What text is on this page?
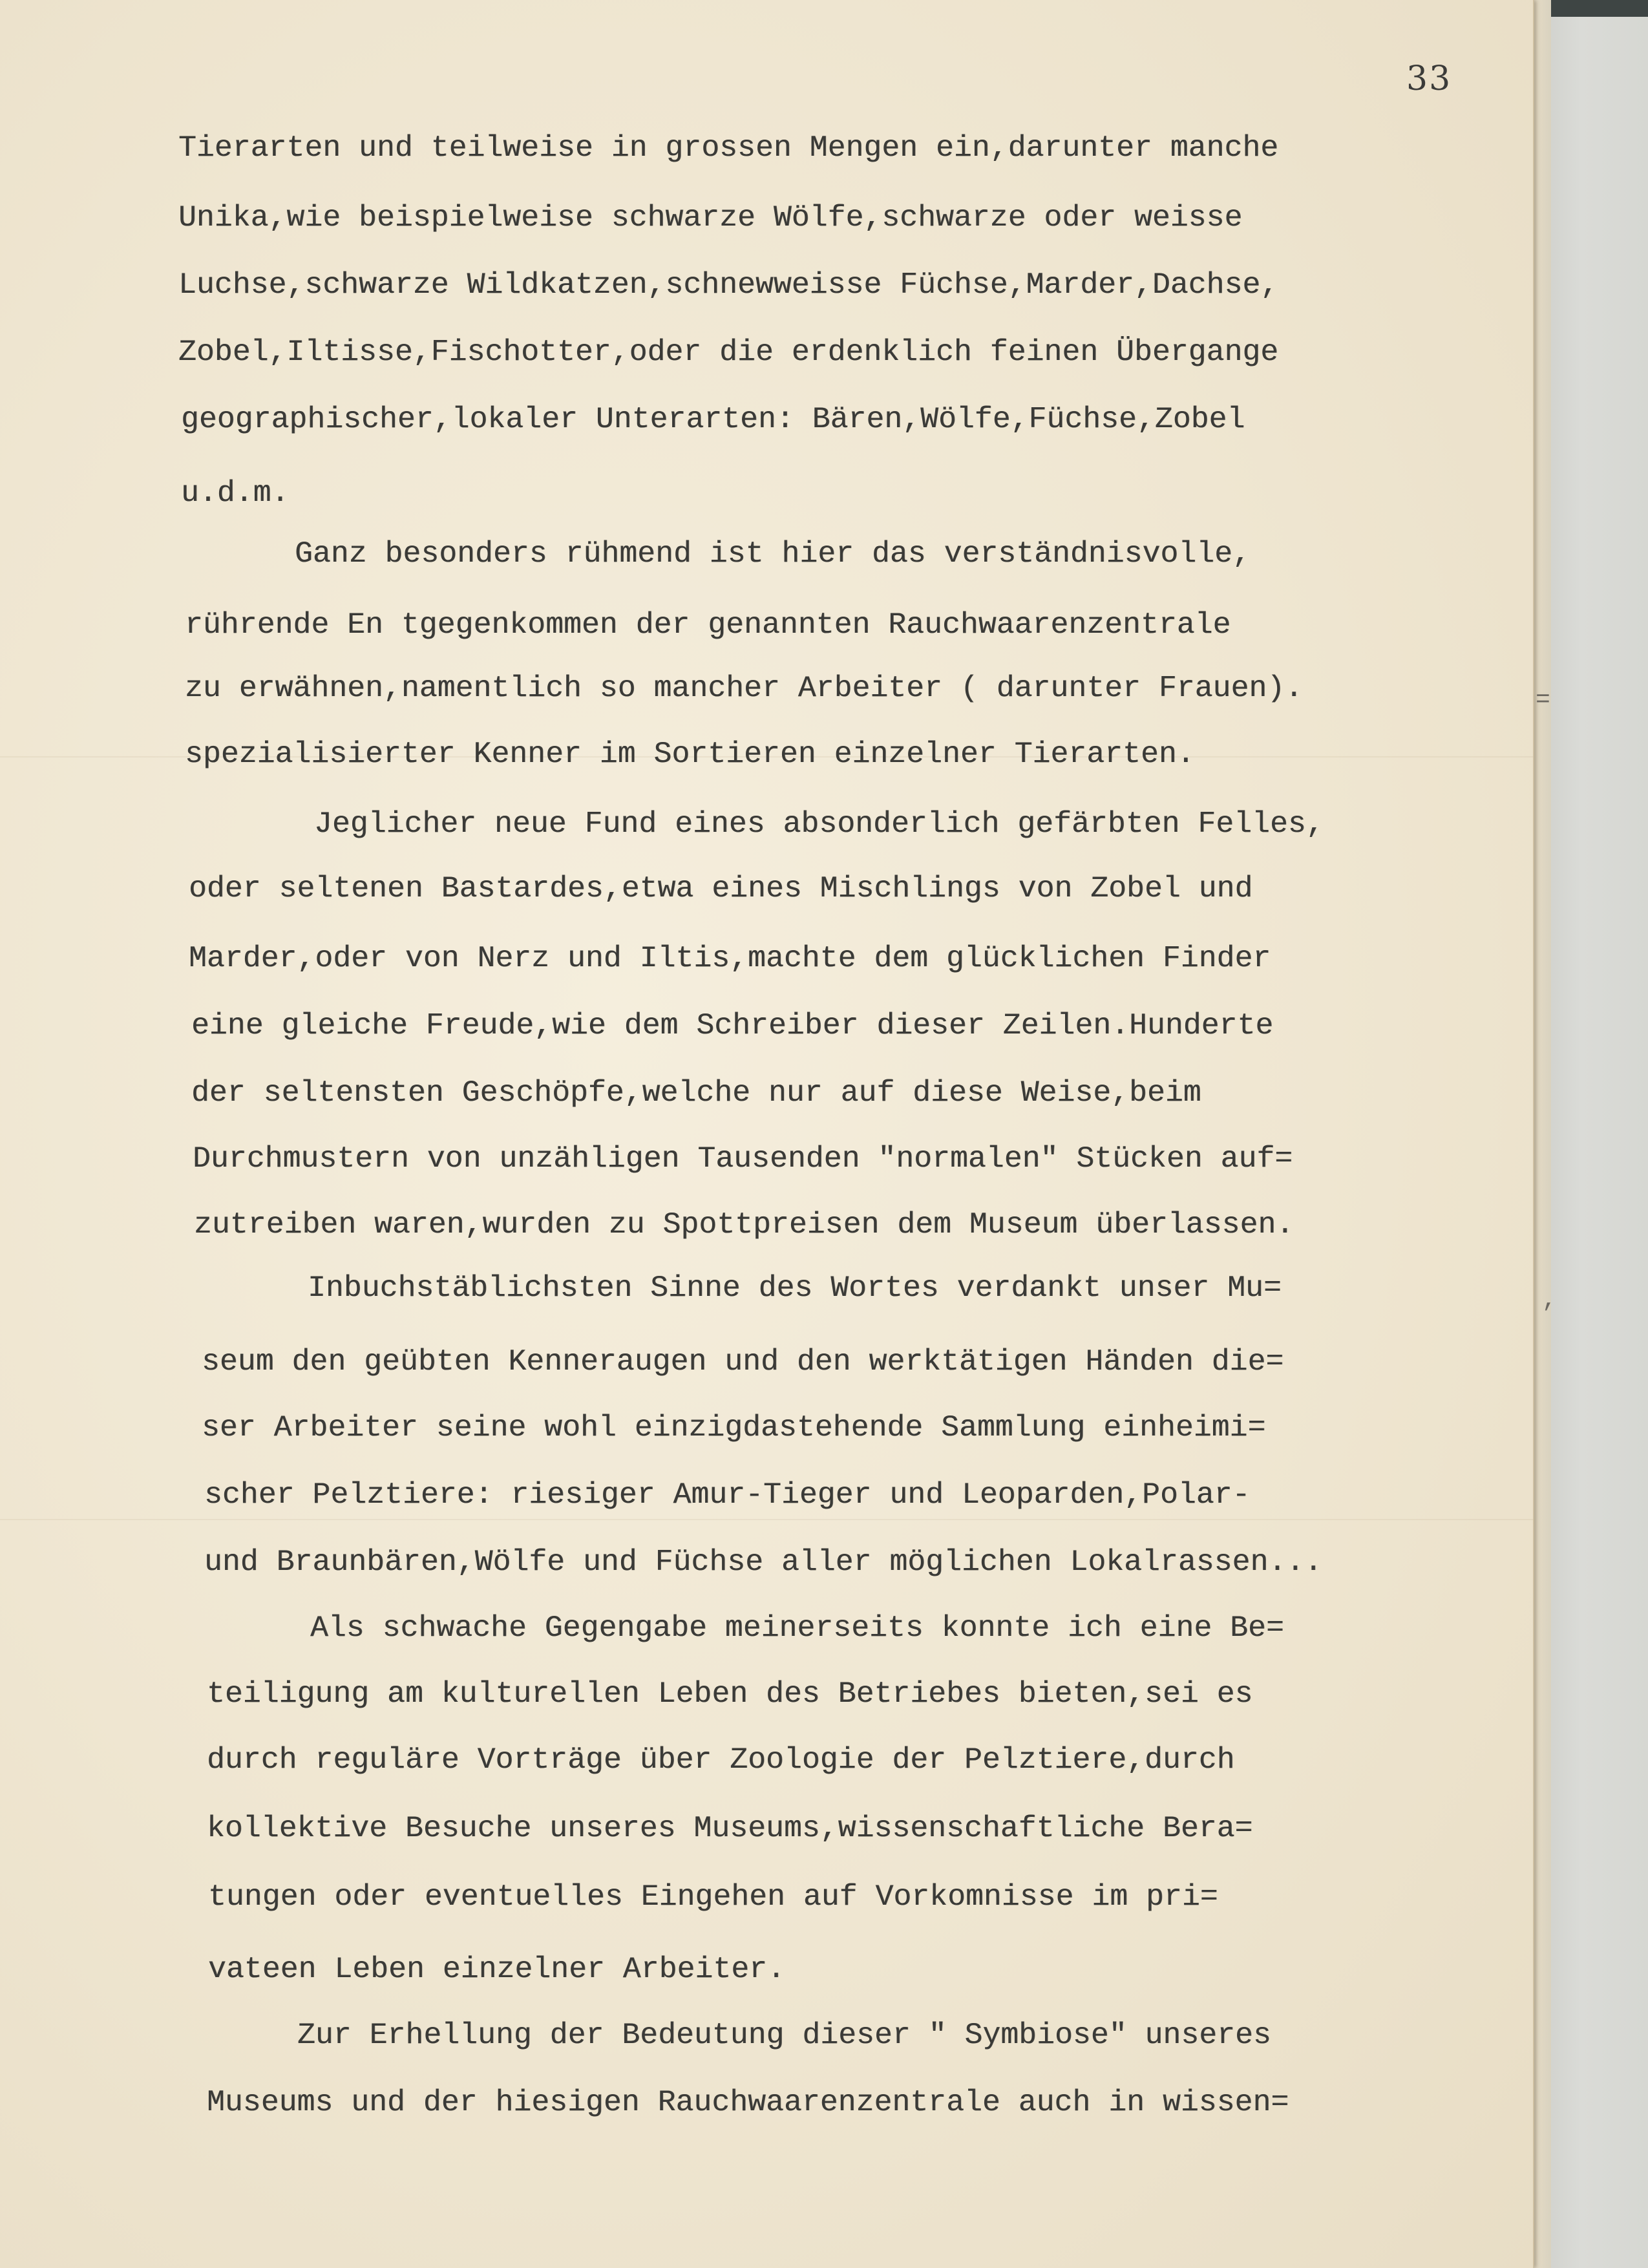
33

Tierarten und teilweise in grossen Mengen ein,darunter manche

Unika,wie beispielweise schwarze Wölfe,schwarze oder weisse

Luchse,schwarze Wildkatzen,schnewweisse Füchse,Marder,Dachse,

Zobel,Iltisse,Fischotter,oder die erdenklich feinen Übergange

geographischer,lokaler Unterarten: Bären,Wölfe,Füchse,Zobel

u.d.m.

Ganz besonders rühmend ist hier das verständnisvolle,

rührende En tgegenkommen der genannten Rauchwaarenzentrale

zu erwähnen,namentlich so mancher Arbeiter ( darunter Frauen).

spezialisierter Kenner im Sortieren einzelner Tierarten.

Jeglicher neue Fund eines absonderlich gefärbten Felles,

oder seltenen Bastardes,etwa eines Mischlings von Zobel und

Marder,oder von Nerz und Iltis,machte dem glücklichen Finder

eine gleiche Freude,wie dem Schreiber dieser Zeilen.Hunderte

der seltensten Geschöpfe,welche nur auf diese Weise,beim

Durchmustern von unzähligen Tausenden "normalen" Stücken auf=

zutreiben waren,wurden zu Spottpreisen dem Museum überlassen.

Inbuchstäblichsten Sinne des Wortes verdankt unser Mu=

seum den geübten Kenneraugen und den werktätigen Händen die=

ser Arbeiter seine wohl einzigdastehende Sammlung einheimi=

scher Pelztiere: riesiger Amur-Tieger und Leoparden,Polar-

und Braunbären,Wölfe und Füchse aller möglichen Lokalrassen...

Als schwache Gegengabe meinerseits konnte ich eine Be=

teiligung am kulturellen Leben des Betriebes bieten,sei es

durch reguläre Vorträge über Zoologie der Pelztiere,durch

kollektive Besuche unseres Museums,wissenschaftliche Bera=

tungen oder eventuelles Eingehen auf Vorkomnisse im pri=

vateen Leben einzelner Arbeiter.

Zur Erhellung der Bedeutung dieser " Symbiose" unseres

Museums und der hiesigen Rauchwaarenzentrale auch in wissen=

=
,
